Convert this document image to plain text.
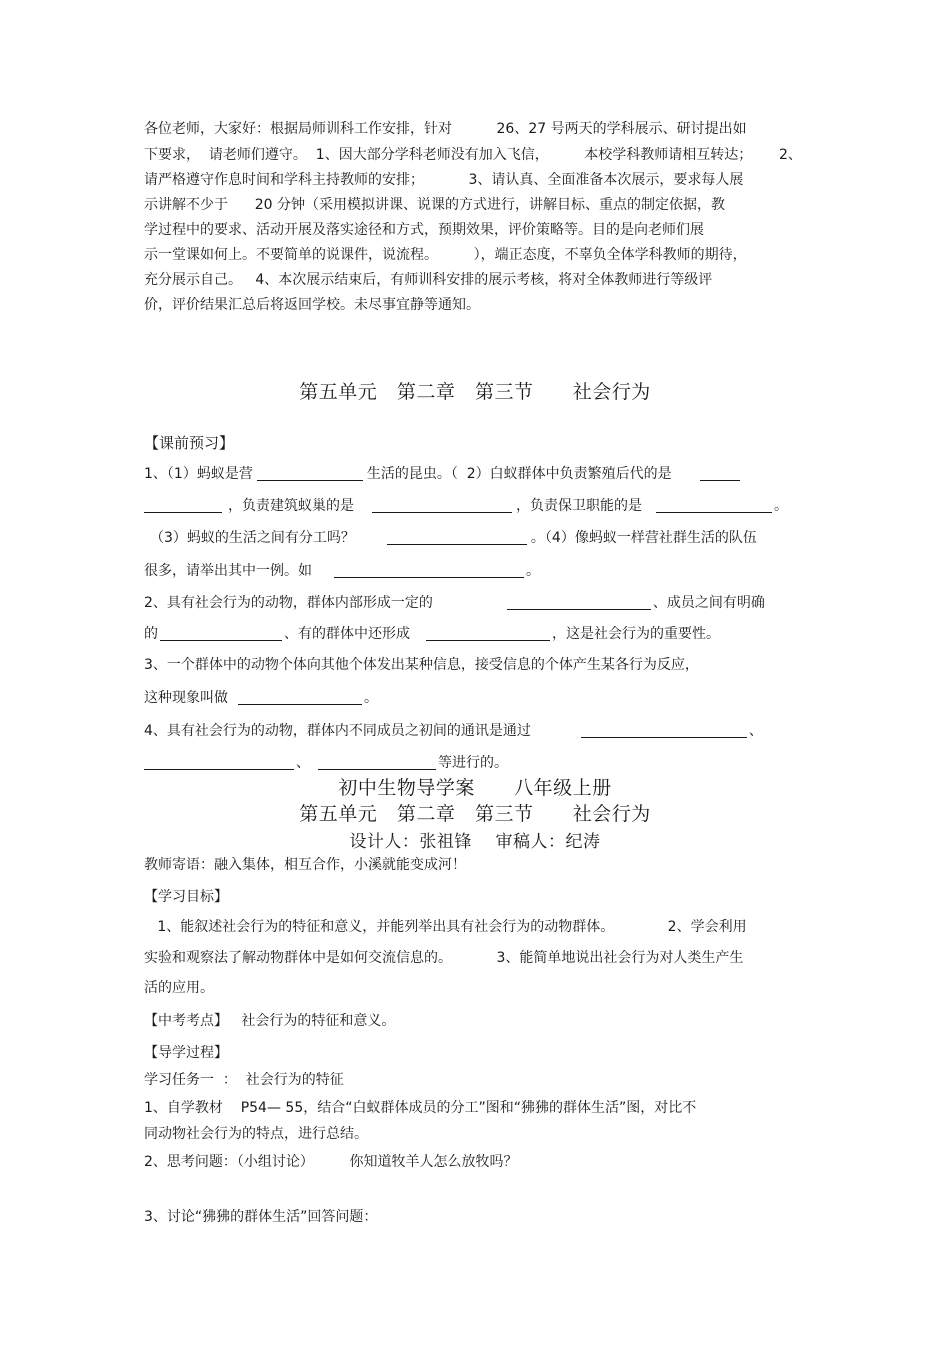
各位老师，大家好：根据局师训科工作安排，针对          26、27 号两天的学科展示、研讨提出如
下要求，  请老师们遵守。  1、因大部分学科老师没有加入飞信，        本校学科教师请相互转达；      2、
请严格遵守作息时间和学科主持教师的安排；          3、请认真、全面准备本次展示，要求每人展
示讲解不少于      20 分钟（采用模拟讲课、说课的方式进行，讲解目标、重点的制定依据，教
学过程中的要求、活动开展及落实途径和方式，预期效果，评价策略等。目的是向老师们展
示一堂课如何上。不要简单的说课件，说流程。        ），端正态度，不辜负全体学科教师的期待，
充分展示自己。   4、本次展示结束后，有师训科安排的展示考核，将对全体教师进行等级评
价，评价结果汇总后将返回学校。未尽事宜静等通知。
第五单元   第二章   第三节      社会行为
【课前预习】
1、（1）蚂蚁是营	生活的昆虫。（  2）白蚁群体中负责繁殖后代的是
，负责建筑蚁巢的是	，负责保卫职能的是	。
（3）蚂蚁的生活之间有分工吗？	。（4）像蚂蚁一样营社群生活的队伍
很多，请举出其中一例。如	。
2、具有社会行为的动物，群体内部形成一定的	、成员之间有明确
的	、有的群体中还形成	，这是社会行为的重要性。
3、一个群体中的动物个体向其他个体发出某种信息，接受信息的个体产生某各行为反应，
这种现象叫做	。
4、具有社会行为的动物，群体内不同成员之初间的通讯是通过	、
、	等进行的。
初中生物导学案      八年级上册
第五单元   第二章   第三节      社会行为
设计人：张祖锋    审稿人：纪涛
教师寄语：融入集体，相互合作，小溪就能变成河！
【学习目标】
1、能叙述社会行为的特征和意义，并能列举出具有社会行为的动物群体。            2、学会利用
实验和观察法了解动物群体中是如何交流信息的。          3、能简单地说出社会行为对人类生产生
活的应用。
【中考考点】   社会行为的特征和意义。
【导学过程】
学习任务一  ：  社会行为的特征
1、自学教材    P54— 55，结合“白蚁群体成员的分工”图和“狒狒的群体生活”图，对比不
同动物社会行为的特点，进行总结。
2、思考问题：（小组讨论）        你知道牧羊人怎么放牧吗？
3、讨论“狒狒的群体生活”回答问题：
